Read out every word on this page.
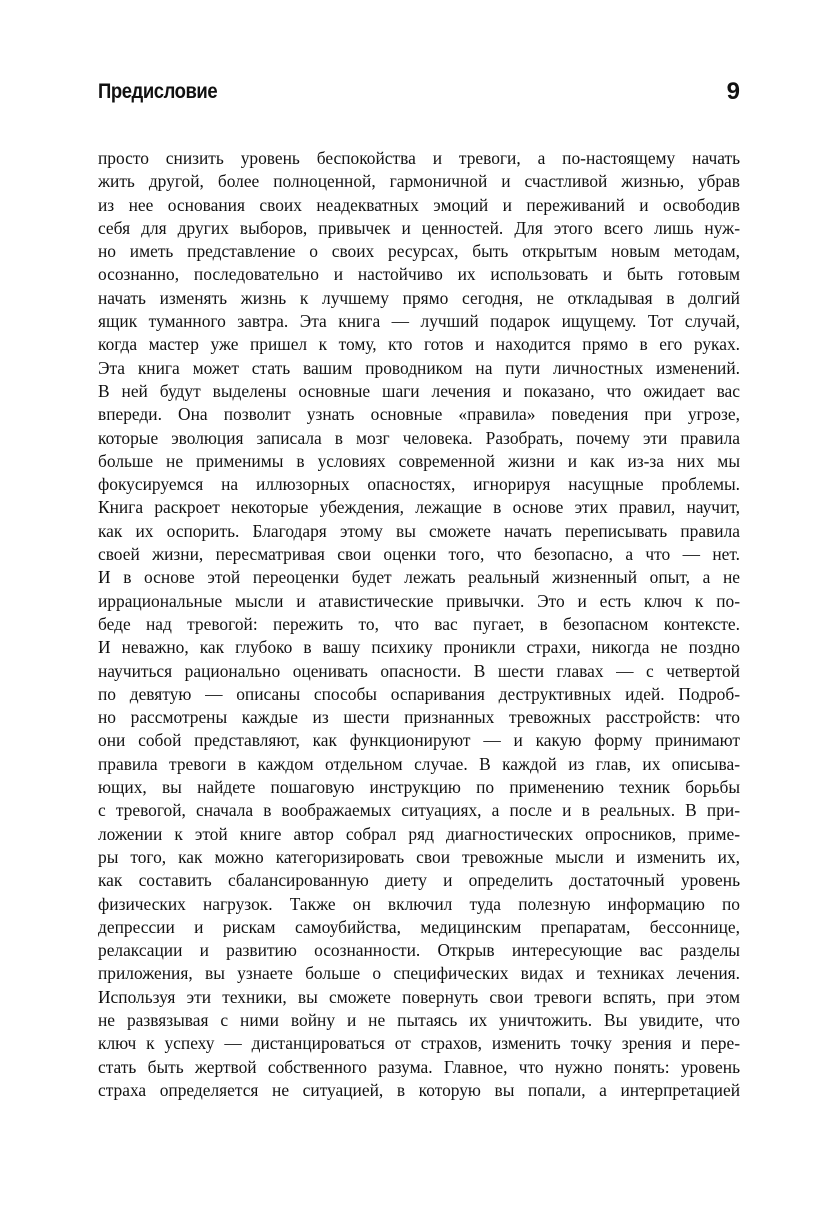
Предисловие	9
просто снизить уровень беспокойства и тревоги, а по-настоящему начать
жить другой, более полноценной, гармоничной и счастливой жизнью, убрав
из нее основания своих неадекватных эмоций и переживаний и освободив
себя для других выборов, привычек и ценностей. Для этого всего лишь нуж-
но иметь представление о своих ресурсах, быть открытым новым методам,
осознанно, последовательно и настойчиво их использовать и быть готовым
начать изменять жизнь к лучшему прямо сегодня, не откладывая в долгий
ящик туманного завтра. Эта книга — лучший подарок ищущему. Тот случай,
когда мастер уже пришел к тому, кто готов и находится прямо в его руках.
Эта книга может стать вашим проводником на пути личностных изменений.
В ней будут выделены основные шаги лечения и показано, что ожидает вас
впереди. Она позволит узнать основные «правила» поведения при угрозе,
которые эволюция записала в мозг человека. Разобрать, почему эти правила
больше не применимы в условиях современной жизни и как из-за них мы
фокусируемся на иллюзорных опасностях, игнорируя насущные проблемы.
Книга раскроет некоторые убеждения, лежащие в основе этих правил, научит,
как их оспорить. Благодаря этому вы сможете начать переписывать правила
своей жизни, пересматривая свои оценки того, что безопасно, а что — нет.
И в основе этой переоценки будет лежать реальный жизненный опыт, а не
иррациональные мысли и атавистические привычки. Это и есть ключ к по-
беде над тревогой: пережить то, что вас пугает, в безопасном контексте.
И неважно, как глубоко в вашу психику проникли страхи, никогда не поздно
научиться рационально оценивать опасности. В шести главах — с четвертой
по девятую — описаны способы оспаривания деструктивных идей. Подроб-
но рассмотрены каждые из шести признанных тревожных расстройств: что
они собой представляют, как функционируют — и какую форму принимают
правила тревоги в каждом отдельном случае. В каждой из глав, их описыва-
ющих, вы найдете пошаговую инструкцию по применению техник борьбы
с тревогой, сначала в воображаемых ситуациях, а после и в реальных. В при-
ложении к этой книге автор собрал ряд диагностических опросников, приме-
ры того, как можно категоризировать свои тревожные мысли и изменить их,
как составить сбалансированную диету и определить достаточный уровень
физических нагрузок. Также он включил туда полезную информацию по
депрессии и рискам самоубийства, медицинским препаратам, бессоннице,
релаксации и развитию осознанности. Открыв интересующие вас разделы
приложения, вы узнаете больше о специфических видах и техниках лечения.
Используя эти техники, вы сможете повернуть свои тревоги вспять, при этом
не развязывая с ними войну и не пытаясь их уничтожить. Вы увидите, что
ключ к успеху — дистанцироваться от страхов, изменить точку зрения и пере-
стать быть жертвой собственного разума. Главное, что нужно понять: уровень
страха определяется не ситуацией, в которую вы попали, а интерпретацией
